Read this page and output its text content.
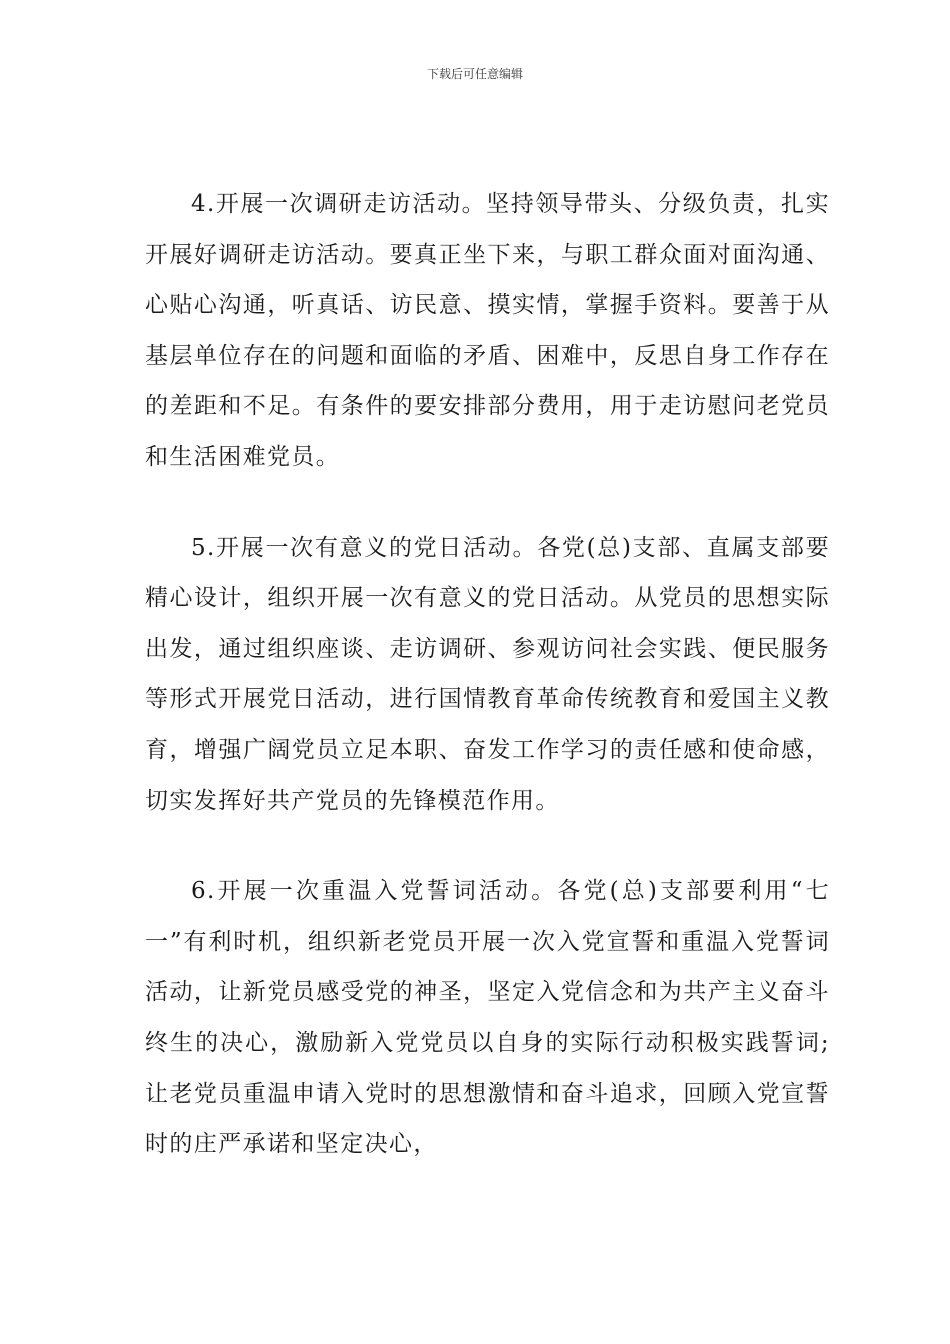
下载后可任意编辑

4.开展一次调研走访活动。坚持领导带头、分级负责，扎实开展好调研走访活动。要真正坐下来，与职工群众面对面沟通、心贴心沟通，听真话、访民意、摸实情，掌握手资料。要善于从基层单位存在的问题和面临的矛盾、困难中，反思自身工作存在的差距和不足。有条件的要安排部分费用，用于走访慰问老党员和生活困难党员。

5.开展一次有意义的党日活动。各党(总)支部、直属支部要精心设计，组织开展一次有意义的党日活动。从党员的思想实际出发，通过组织座谈、走访调研、参观访问社会实践、便民服务等形式开展党日活动，进行国情教育革命传统教育和爱国主义教育，增强广阔党员立足本职、奋发工作学习的责任感和使命感，切实发挥好共产党员的先锋模范作用。

6.开展一次重温入党誓词活动。各党(总)支部要利用“七一”有利时机，组织新老党员开展一次入党宣誓和重温入党誓词活动，让新党员感受党的神圣，坚定入党信念和为共产主义奋斗终生的决心，激励新入党党员以自身的实际行动积极实践誓词;让老党员重温申请入党时的思想激情和奋斗追求，回顾入党宣誓时的庄严承诺和坚定决心，
